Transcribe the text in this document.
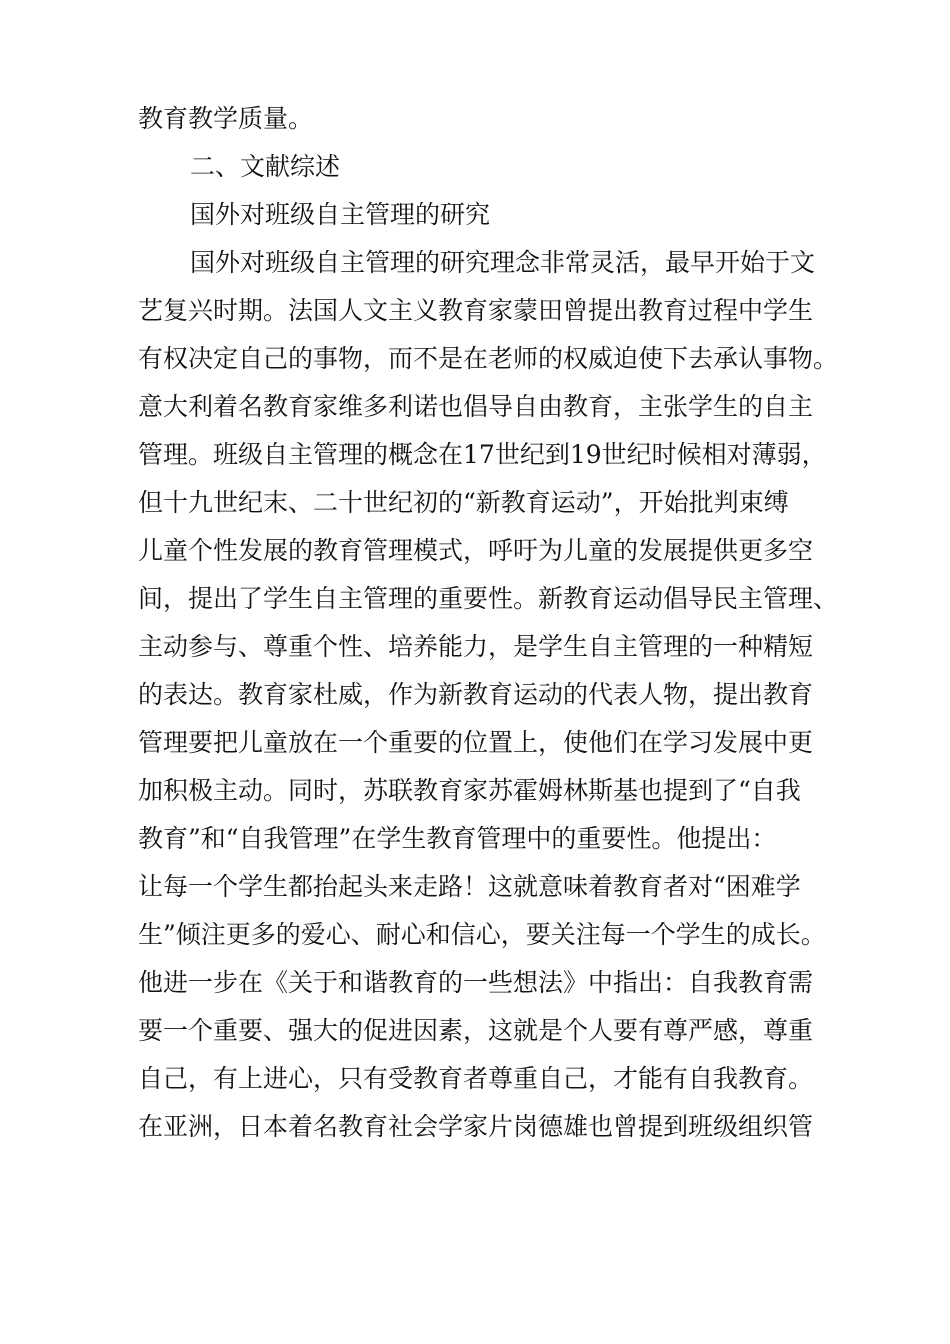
教育教学质量。
二、文献综述
国外对班级自主管理的研究
国外对班级自主管理的研究理念非常灵活，最早开始于文
艺复兴时期。法国人文主义教育家蒙田曾提出教育过程中学生
有权决定自己的事物，而不是在老师的权威迫使下去承认事物。
意大利着名教育家维多利诺也倡导自由教育，主张学生的自主
管理。班级自主管理的概念在17世纪到19世纪时候相对薄弱，
但十九世纪末、二十世纪初的“新教育运动”，开始批判束缚
儿童个性发展的教育管理模式，呼吁为儿童的发展提供更多空
间，提出了学生自主管理的重要性。新教育运动倡导民主管理、
主动参与、尊重个性、培养能力，是学生自主管理的一种精短
的表达。教育家杜威，作为新教育运动的代表人物，提出教育
管理要把儿童放在一个重要的位置上，使他们在学习发展中更
加积极主动。同时，苏联教育家苏霍姆林斯基也提到了“自我
教育”和“自我管理”在学生教育管理中的重要性。他提出：
让每一个学生都抬起头来走路！这就意味着教育者对“困难学
生”倾注更多的爱心、耐心和信心，要关注每一个学生的成长。
他进一步在《关于和谐教育的一些想法》中指出：自我教育需
要一个重要、强大的促进因素，这就是个人要有尊严感，尊重
自己，有上进心，只有受教育者尊重自己，才能有自我教育。
在亚洲，日本着名教育社会学家片岗德雄也曾提到班级组织管
